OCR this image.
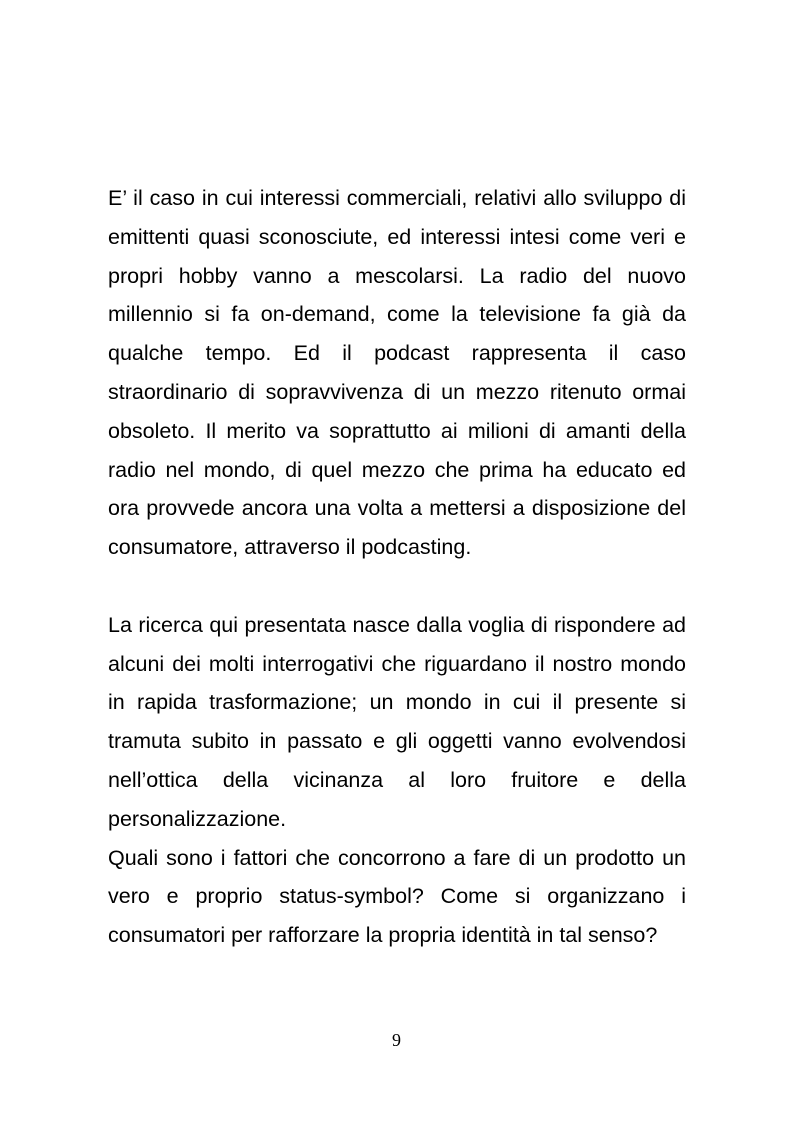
E’ il caso in cui interessi commerciali, relativi allo sviluppo di emittenti quasi sconosciute, ed interessi intesi come veri e propri hobby vanno a mescolarsi. La radio del nuovo millennio si fa on-demand, come la televisione fa già da qualche tempo. Ed il podcast rappresenta il caso straordinario di sopravvivenza di un mezzo ritenuto ormai obsoleto. Il merito va soprattutto ai milioni di amanti della radio nel mondo, di quel mezzo che prima ha educato ed ora provvede ancora una volta a mettersi a disposizione del consumatore, attraverso il podcasting.

La ricerca qui presentata nasce dalla voglia di rispondere ad alcuni dei molti interrogativi che riguardano il nostro mondo in rapida trasformazione; un mondo in cui il presente si tramuta subito in passato e gli oggetti vanno evolvendosi nell’ottica della vicinanza al loro fruitore e della personalizzazione.

Quali sono i fattori che concorrono a fare di un prodotto un vero e proprio status-symbol? Come si organizzano i consumatori per rafforzare la propria identità in tal senso?

9
